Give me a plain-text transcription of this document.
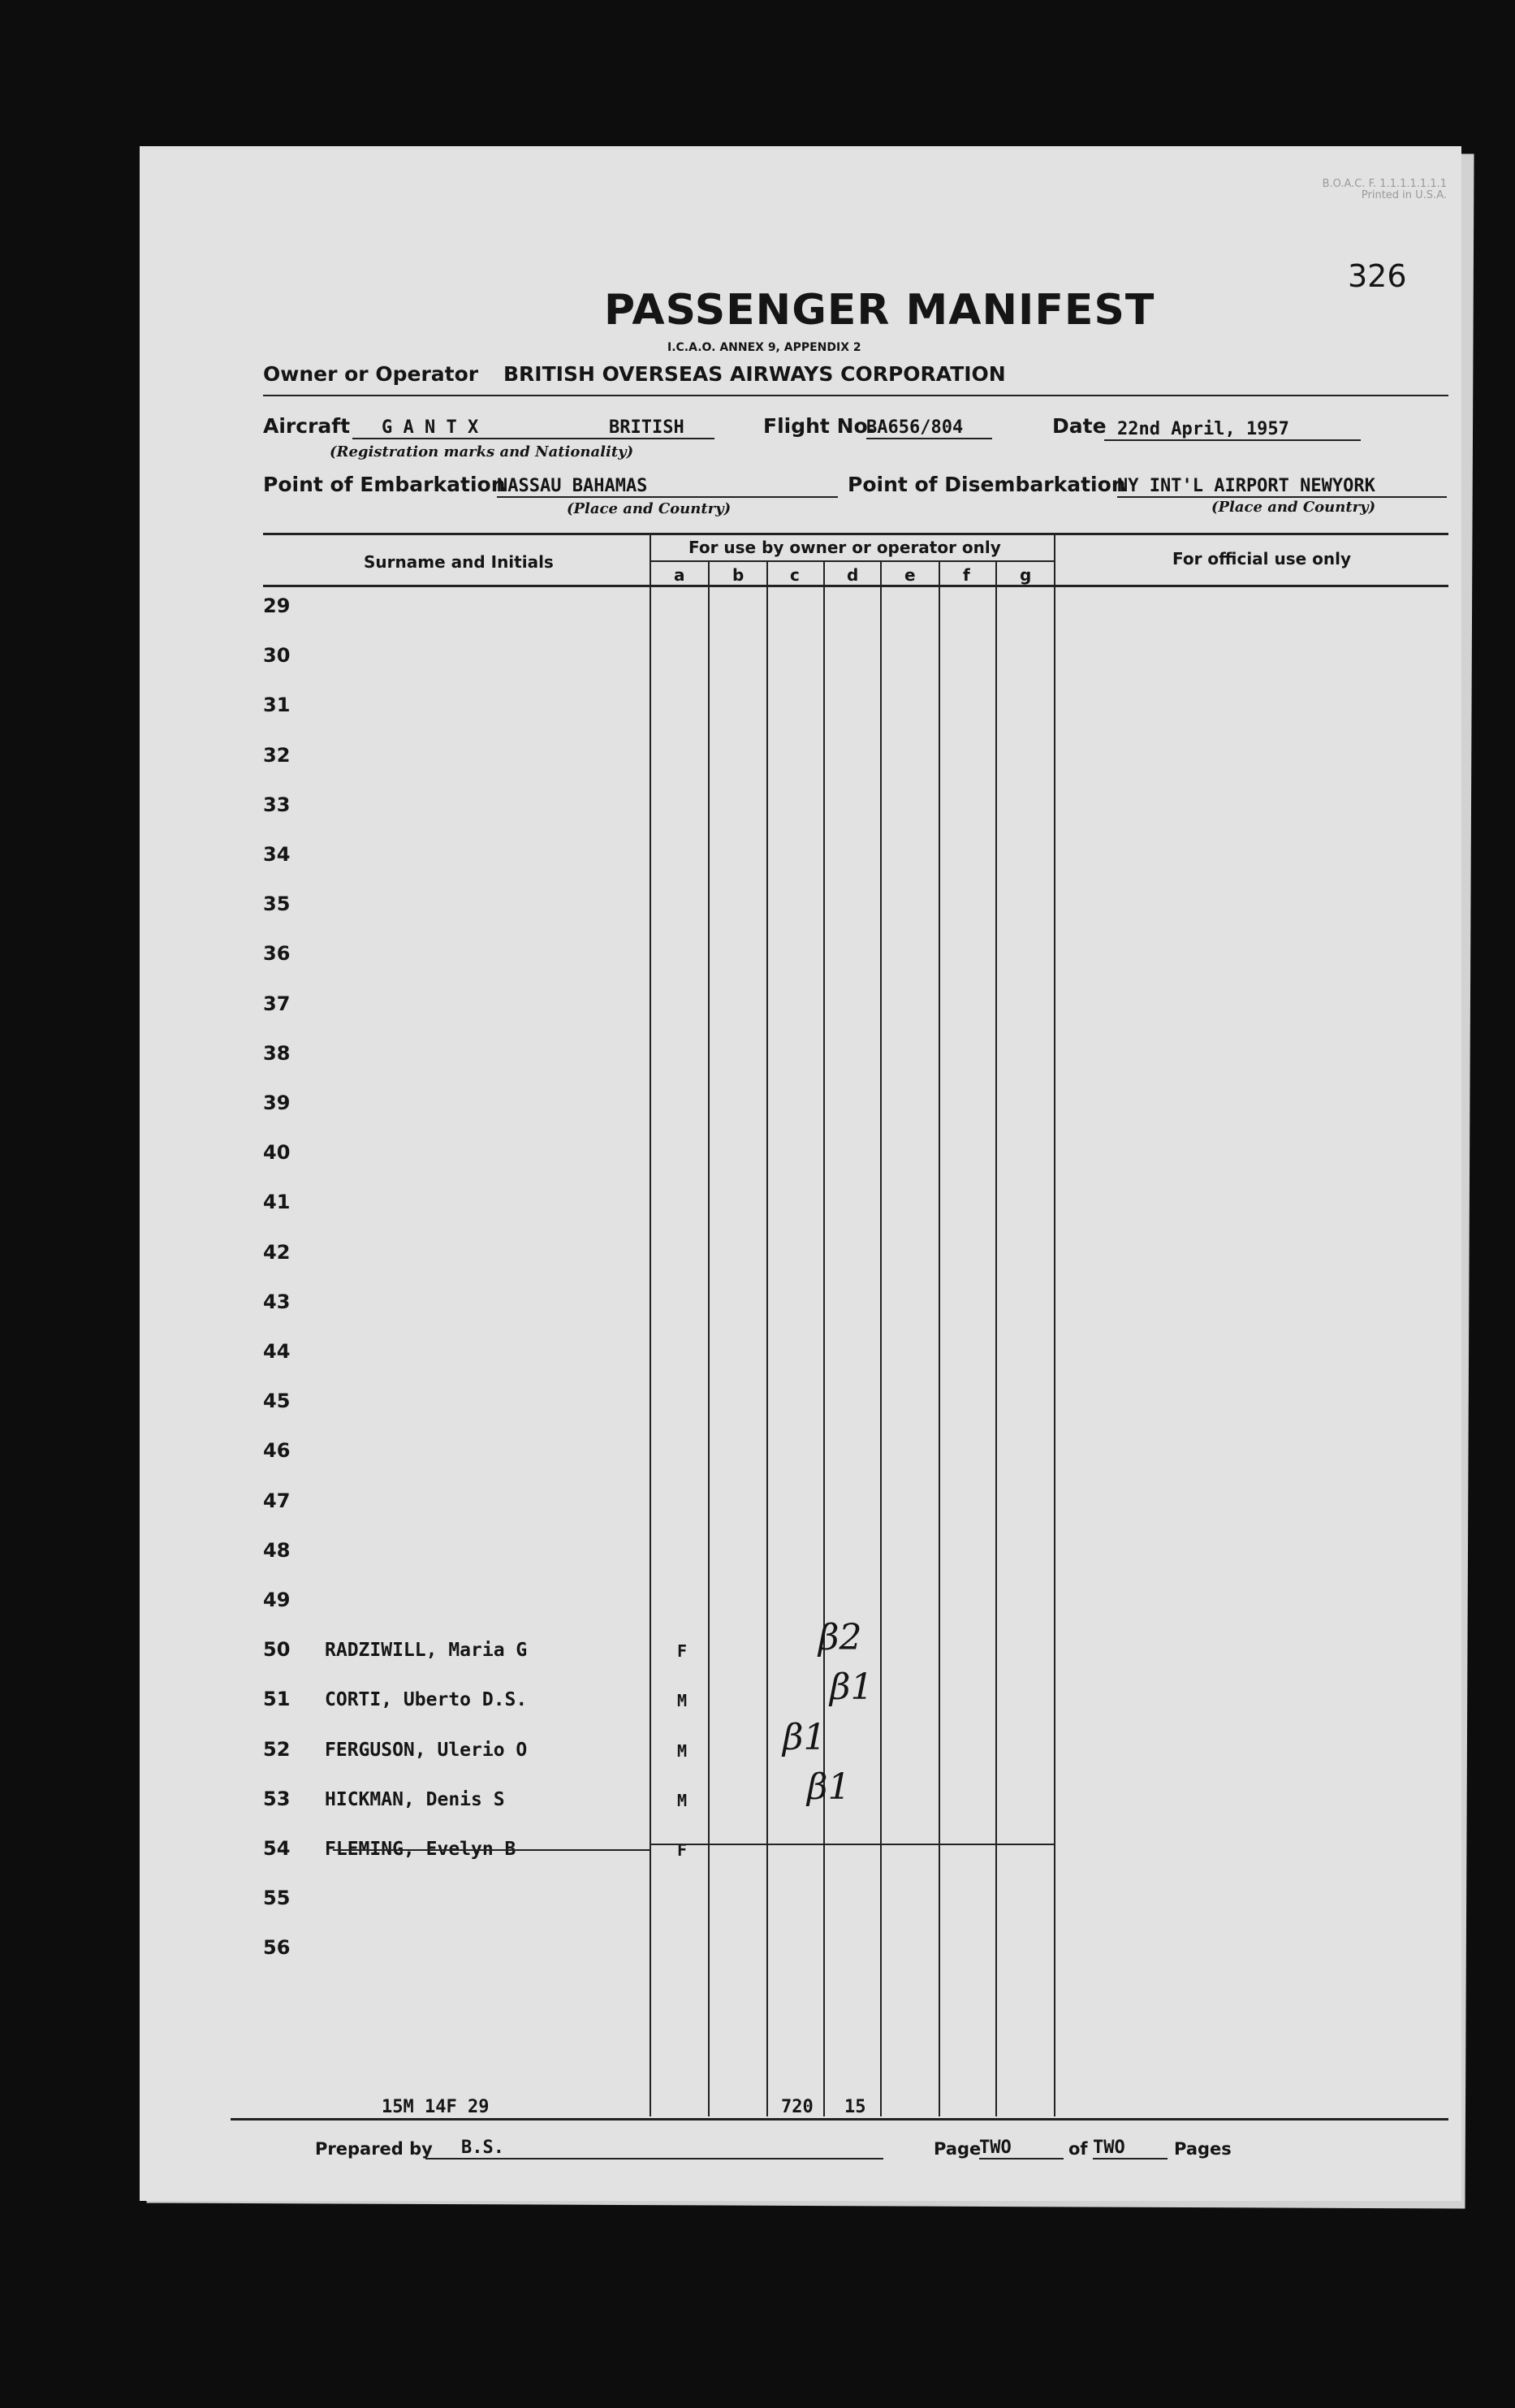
B.O.A.C. F. 1.1.1.1.1.1.1
Printed in U.S.A.
326
PASSENGER MANIFEST
I.C.A.O. ANNEX 9, APPENDIX 2
Owner or Operator BRITISH OVERSEAS AIRWAYS CORPORATION
Aircraft	G A N T X	BRITISH
(Registration marks and Nationality)
Flight No.
BA656/804	Date 22nd April, 1957
Point of Embarkation
NASSAU BAHAMAS
(Place and Country)
Point of Disembarkation
NY INT'L AIRPORT NEWYORK
(Place and Country)
Surname and Initials
For use by owner or operator only
For official use only
a	b	c	d	e	f	g
29
30
31
32
33
34
35
36
37
38
39
40
41
42
43
44
45
46
47
48
49
50 RADZIWILL, Maria G	F	β2
51 CORTI, Uberto D.S.	M	β1
52 FERGUSON, Ulerio O	M	β1
53 HICKMAN, Denis S	M	β1
54 FLEMING, Evelyn B	F
55
56
15M 14F 29	720 15
Prepared by	B.S.	Page
TWO	of TWO	Pages
